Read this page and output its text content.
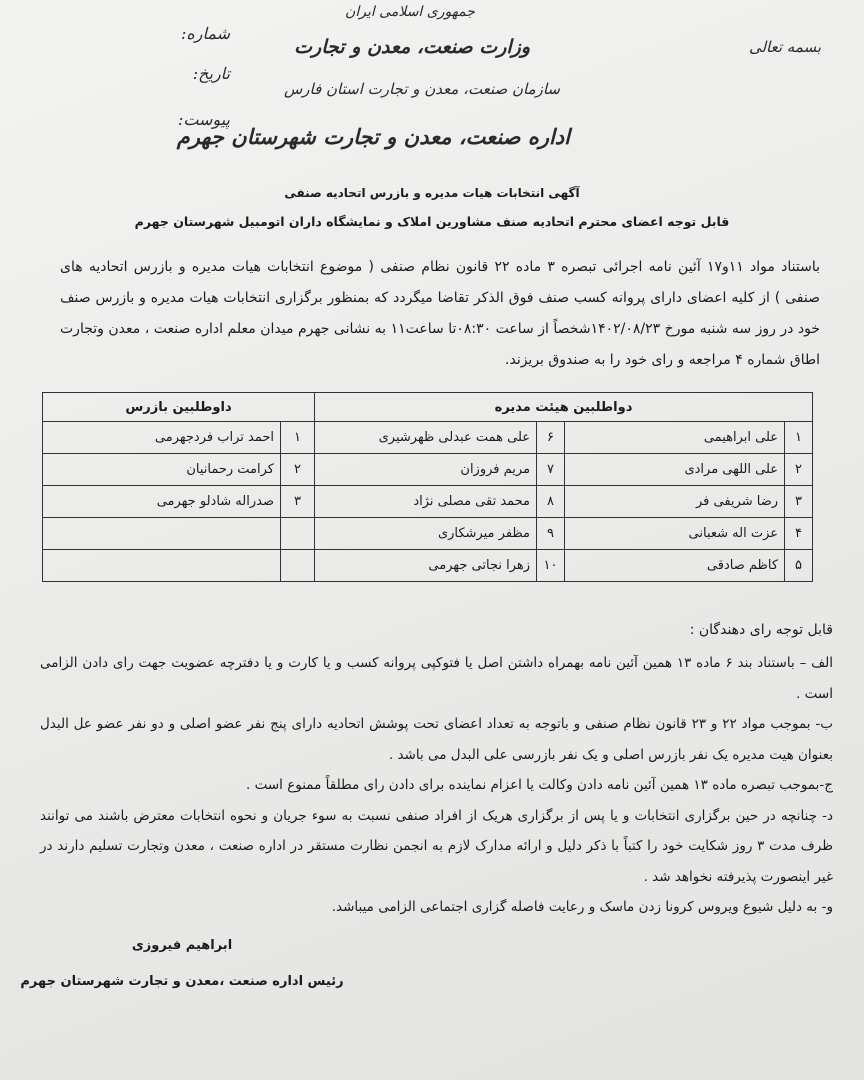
جمهوری اسلامی ایران
وزارت صنعت، معدن و تجارت
سازمان صنعت، معدن و تجارت استان فارس
اداره صنعت، معدن و تجارت شهرستان جهرم
بسمه تعالی
شماره:
تاریخ:
پیوست:
آگهی انتخابات هیات مدیره و بازرس اتحادیه صنفی
قابل توجه اعضای محترم اتحادیه صنف مشاورین املاک و نمایشگاه داران اتومبیل شهرستان جهرم
باستناد مواد ۱۱و۱۷ آئین نامه اجرائی تبصره ۳ ماده ۲۲ قانون نظام صنفی ( موضوع انتخابات هیات مدیره و بازرس اتحادیه های صنفی ) از کلیه اعضای دارای پروانه کسب صنف فوق الذکر تقاضا میگردد که بمنظور برگزاری انتخابات هیات مدیره و بازرس صنف خود در روز سه شنبه مورخ ۱۴۰۲/۰۸/۲۳شخصاً از ساعت ۰۸:۳۰تا ساعت۱۱ به نشانی جهرم میدان معلم اداره صنعت ، معدن وتجارت اطاق شماره ۴ مراجعه و رای خود را به صندوق بریزند.
دواطلبین هیئت مدیره				داوطلبین بازرس	
۱	علی ابراهیمی	۶	علی همت عبدلی ظهرشیری	۱	احمد تراب فردجهرمی
۲	علی اللهی مرادی	۷	مریم فروزان	۲	کرامت رحمانیان
۳	رضا شریفی فر	۸	محمد تقی مصلی نژاد	۳	صدراله شادلو جهرمی
۴	عزت اله شعبانی	۹	مظفر میرشکاری		
۵	کاظم صادقی	۱۰	زهرا نجاتی جهرمی		
قابل توجه رای دهندگان :
الف – باستناد بند ۶ ماده ۱۳ همین آئین نامه بهمراه داشتن اصل یا فتوکپی پروانه کسب و یا کارت و یا دفترچه عضویت جهت رای دادن الزامی است .
ب- بموجب مواد ۲۲ و ۲۳ قانون نظام صنفی و باتوجه به تعداد اعضای تحت پوشش اتحادیه دارای پنج نفر عضو اصلی و دو نفر عضو عل البدل بعنوان هیت مدیره یک نفر بازرس اصلی و یک نفر بازرسی علی البدل می باشد .
ج-بموجب تبصره ماده ۱۳ همین آئین نامه دادن وکالت یا اعزام نماینده برای دادن رای مطلقاً ممنوع است .
د- چنانچه در حین برگزاری انتخابات و یا پس از برگزاری هریک از افراد صنفی نسبت به سوء جریان و نحوه انتخابات معترض باشند می توانند ظرف مدت ۳ روز شکایت خود را کتباً با ذکر دلیل و ارائه مدارک لازم به انجمن نظارت مستقر در اداره صنعت ، معدن وتجارت تسلیم دارند در غیر اینصورت پذیرفته نخواهد شد .
و- به دلیل شیوع ویروس کرونا زدن ماسک و رعایت فاصله گزاری اجتماعی الزامی میباشد.
ابراهیم فیروزی
رئیس اداره صنعت ،معدن و تجارت شهرستان جهرم
